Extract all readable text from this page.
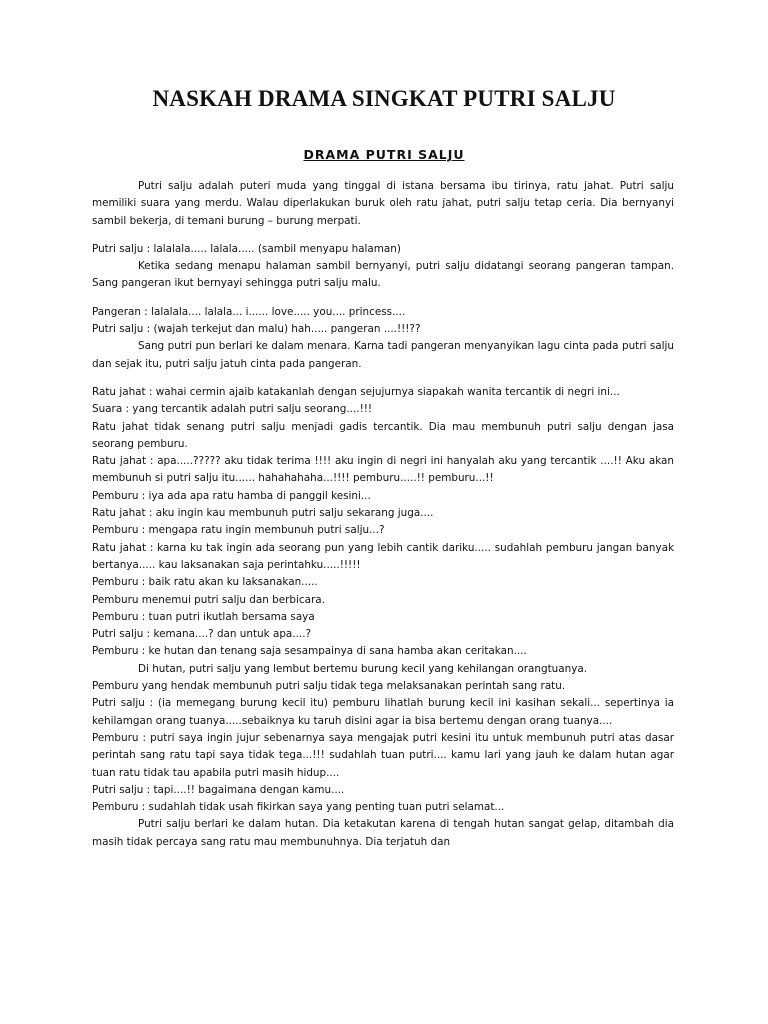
NASKAH DRAMA SINGKAT PUTRI SALJU
DRAMA PUTRI SALJU

Putri salju adalah puteri muda yang tinggal di istana bersama ibu tirinya, ratu jahat. Putri salju memiliki suara yang merdu. Walau diperlakukan buruk oleh ratu jahat, putri salju tetap ceria. Dia bernyanyi sambil bekerja, di temani burung – burung merpati.

Putri salju : lalalala..... lalala..... (sambil menyapu halaman)

Ketika sedang menapu halaman sambil bernyanyi, putri salju didatangi seorang pangeran tampan. Sang pangeran ikut bernyayi sehingga putri salju malu.

Pangeran : lalalala.... lalala... i...... love..... you.... princess....

Putri salju : (wajah terkejut dan malu) hah..... pangeran ....!!!??

Sang putri pun berlari ke dalam menara. Karna tadi pangeran menyanyikan lagu cinta pada putri salju dan sejak itu, putri salju jatuh cinta pada pangeran.

Ratu jahat : wahai cermin ajaib katakanlah dengan sejujurnya siapakah wanita tercantik di negri ini...

Suara : yang tercantik adalah putri salju seorang....!!!

Ratu jahat tidak senang putri salju menjadi gadis tercantik. Dia mau membunuh putri salju dengan jasa seorang pemburu.

Ratu jahat : apa.....????? aku tidak terima !!!! aku ingin di negri ini hanyalah aku yang tercantik ....!! Aku akan membunuh si putri salju itu...... hahahahaha...!!!! pemburu.....!! pemburu...!!

Pemburu : iya ada apa ratu hamba di panggil kesini...

Ratu jahat : aku ingin kau membunuh putri salju sekarang juga....

Pemburu : mengapa ratu ingin membunuh putri salju...?

Ratu jahat : karna ku tak ingin ada seorang pun yang lebih cantik dariku..... sudahlah pemburu jangan banyak bertanya..... kau laksanakan saja perintahku.....!!!!!

Pemburu : baik ratu akan ku laksanakan.....

Pemburu menemui putri salju dan berbicara.

Pemburu : tuan putri ikutlah bersama saya

Putri salju : kemana....? dan untuk apa....?

Pemburu : ke hutan dan tenang saja sesampainya di sana hamba akan ceritakan....

Di hutan, putri salju yang lembut bertemu burung kecil yang kehilangan orangtuanya.

Pemburu yang hendak membunuh putri salju tidak tega melaksanakan perintah sang ratu.

Putri salju : (ia memegang burung kecil itu) pemburu lihatlah burung kecil ini kasihan sekali... sepertinya ia kehilamgan orang tuanya.....sebaiknya ku taruh disini agar ia bisa bertemu dengan orang tuanya....

Pemburu : putri saya ingin jujur sebenarnya saya mengajak putri kesini itu untuk membunuh putri atas dasar perintah sang ratu tapi saya tidak tega...!!! sudahlah tuan putri.... kamu lari yang jauh ke dalam hutan agar tuan ratu tidak tau apabila putri masih hidup....

Putri salju : tapi....!! bagaimana dengan kamu....

Pemburu : sudahlah tidak usah fikirkan saya yang penting tuan putri selamat...

Putri salju berlari ke dalam hutan. Dia ketakutan karena di tengah hutan sangat gelap, ditambah dia masih tidak percaya sang ratu mau membunuhnya. Dia terjatuh dan
